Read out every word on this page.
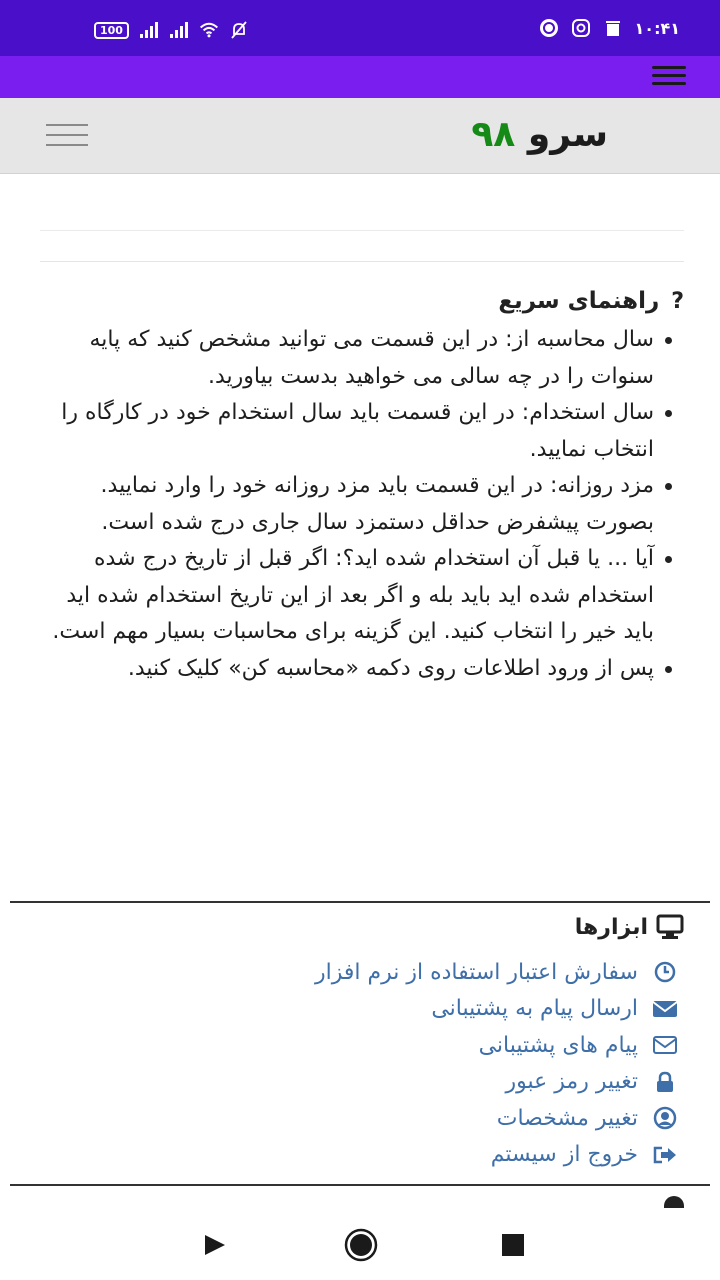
100	۱۰:۴۱
سرو ۹۸
?
راهنمای سریع
سال محاسبه از: در این قسمت می توانید مشخص کنید که پایه سنوات را در چه سالی می خواهید بدست بیاورید.
سال استخدام: در این قسمت باید سال استخدام خود در کارگاه را انتخاب نمایید.
مزد روزانه: در این قسمت باید مزد روزانه خود را وارد نمایید. بصورت پیشفرض حداقل دستمزد سال جاری درج شده است.
آیا ... یا قبل آن استخدام شده اید؟: اگر قبل از تاریخ درج شده استخدام شده اید باید بله و اگر بعد از این تاریخ استخدام شده اید باید خیر را انتخاب کنید. این گزینه برای محاسبات بسیار مهم است.
پس از ورود اطلاعات روی دکمه «محاسبه کن» کلیک کنید.
ابزارها
سفارش اعتبار استفاده از نرم افزار
ارسال پیام به پشتیبانی
پیام های پشتیبانی
تغییر رمز عبور
تغییر مشخصات
خروج از سیستم
